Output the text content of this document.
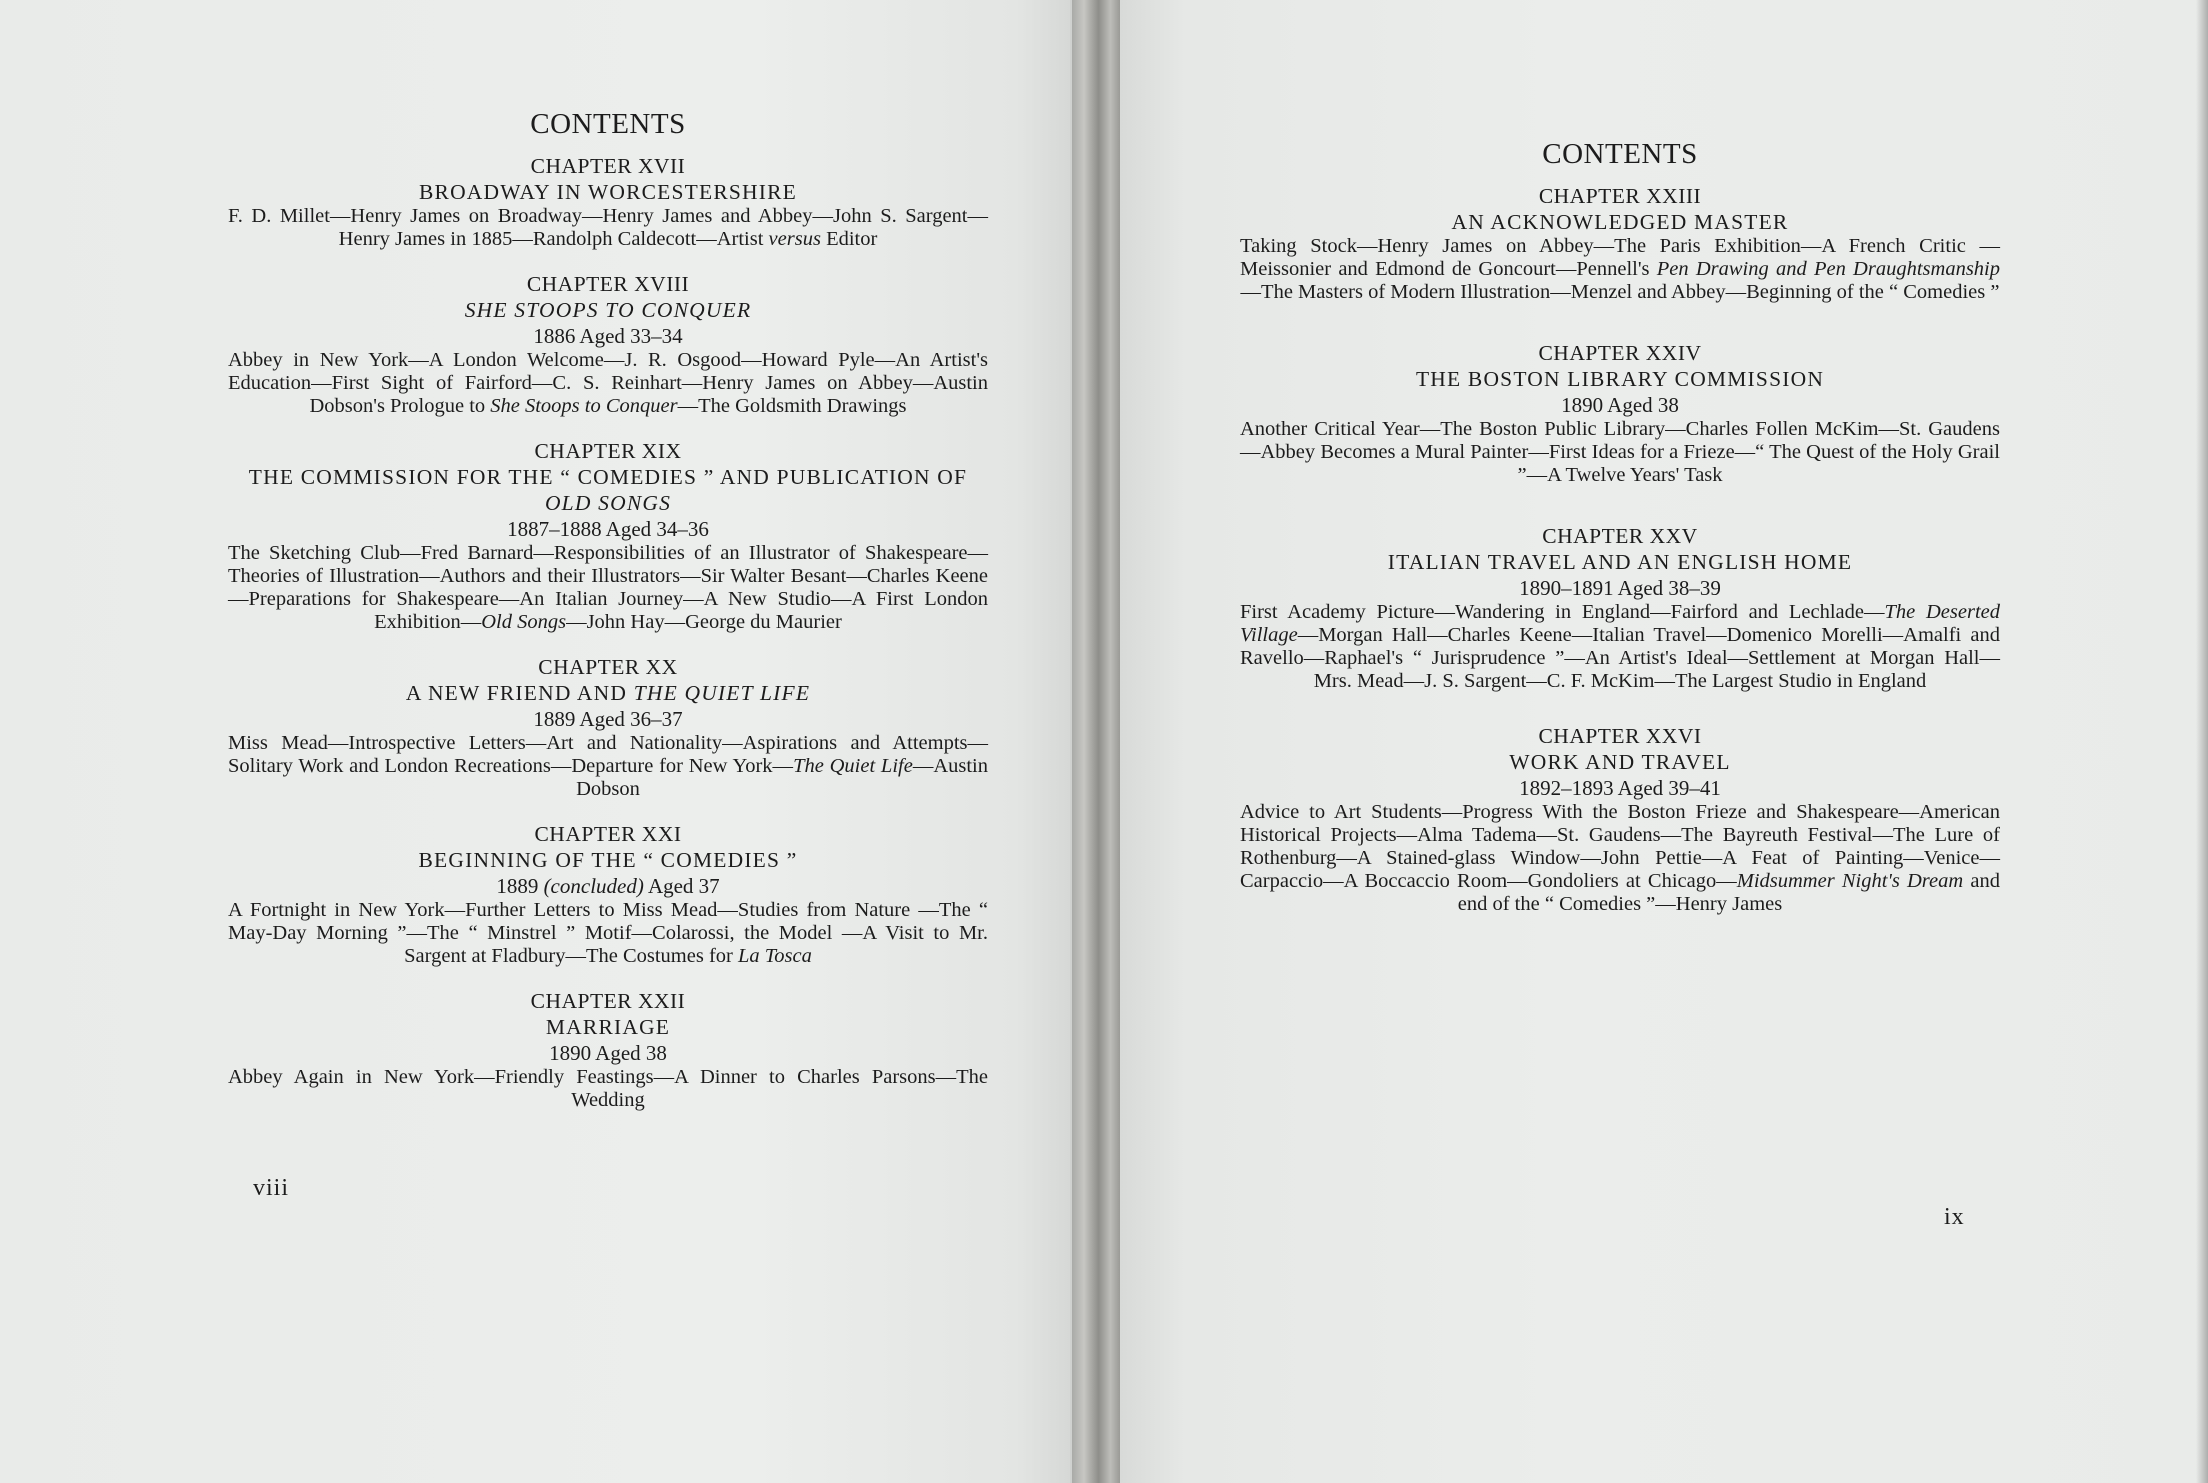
CONTENTS
CHAPTER XVII
BROADWAY IN WORCESTERSHIRE
F. D. Millet—Henry James on Broadway—Henry James and Abbey—John S. Sargent—Henry James in 1885—Randolph Caldecott—Artist versus Editor
CHAPTER XVIII
SHE STOOPS TO CONQUER
1886 Aged 33–34
Abbey in New York—A London Welcome—J. R. Osgood—Howard Pyle—An Artist's Education—First Sight of Fairford—C. S. Reinhart—Henry James on Abbey—Austin Dobson's Prologue to She Stoops to Conquer—The Goldsmith Drawings
CHAPTER XIX
THE COMMISSION FOR THE “ COMEDIES ” AND PUBLICATION OF OLD SONGS
1887–1888 Aged 34–36
The Sketching Club—Fred Barnard—Responsibilities of an Illustrator of Shakespeare—Theories of Illustration—Authors and their Illustrators—Sir Walter Besant—Charles Keene—Preparations for Shakespeare—An Italian Journey—A New Studio—A First London Exhibition—Old Songs—John Hay—George du Maurier
CHAPTER XX
A NEW FRIEND AND THE QUIET LIFE
1889 Aged 36–37
Miss Mead—Introspective Letters—Art and Nationality—Aspirations and Attempts—Solitary Work and London Recreations—Departure for New York—The Quiet Life—Austin Dobson
CHAPTER XXI
BEGINNING OF THE “ COMEDIES ”
1889 (concluded) Aged 37
A Fortnight in New York—Further Letters to Miss Mead—Studies from Nature —The “ May-Day Morning ”—The “ Minstrel ” Motif—Colarossi, the Model —A Visit to Mr. Sargent at Fladbury—The Costumes for La Tosca
CHAPTER XXII
MARRIAGE
1890 Aged 38
Abbey Again in New York—Friendly Feastings—A Dinner to Charles Parsons—The Wedding
viii
CONTENTS
CHAPTER XXIII
AN ACKNOWLEDGED MASTER
Taking Stock—Henry James on Abbey—The Paris Exhibition—A French Critic —Meissonier and Edmond de Goncourt—Pennell's Pen Drawing and Pen Draughtsmanship—The Masters of Modern Illustration—Menzel and Abbey—Beginning of the “ Comedies ”
CHAPTER XXIV
THE BOSTON LIBRARY COMMISSION
1890 Aged 38
Another Critical Year—The Boston Public Library—Charles Follen McKim—St. Gaudens—Abbey Becomes a Mural Painter—First Ideas for a Frieze—“ The Quest of the Holy Grail ”—A Twelve Years' Task
CHAPTER XXV
ITALIAN TRAVEL AND AN ENGLISH HOME
1890–1891 Aged 38–39
First Academy Picture—Wandering in England—Fairford and Lechlade—The Deserted Village—Morgan Hall—Charles Keene—Italian Travel—Domenico Morelli—Amalfi and Ravello—Raphael's “ Jurisprudence ”—An Artist's Ideal—Settlement at Morgan Hall—Mrs. Mead—J. S. Sargent—C. F. McKim—The Largest Studio in England
CHAPTER XXVI
WORK AND TRAVEL
1892–1893 Aged 39–41
Advice to Art Students—Progress With the Boston Frieze and Shakespeare—American Historical Projects—Alma Tadema—St. Gaudens—The Bayreuth Festival—The Lure of Rothenburg—A Stained-glass Window—John Pettie—A Feat of Painting—Venice—Carpaccio—A Boccaccio Room—Gondoliers at Chicago—Midsummer Night's Dream and end of the “ Comedies ”—Henry James
ix
